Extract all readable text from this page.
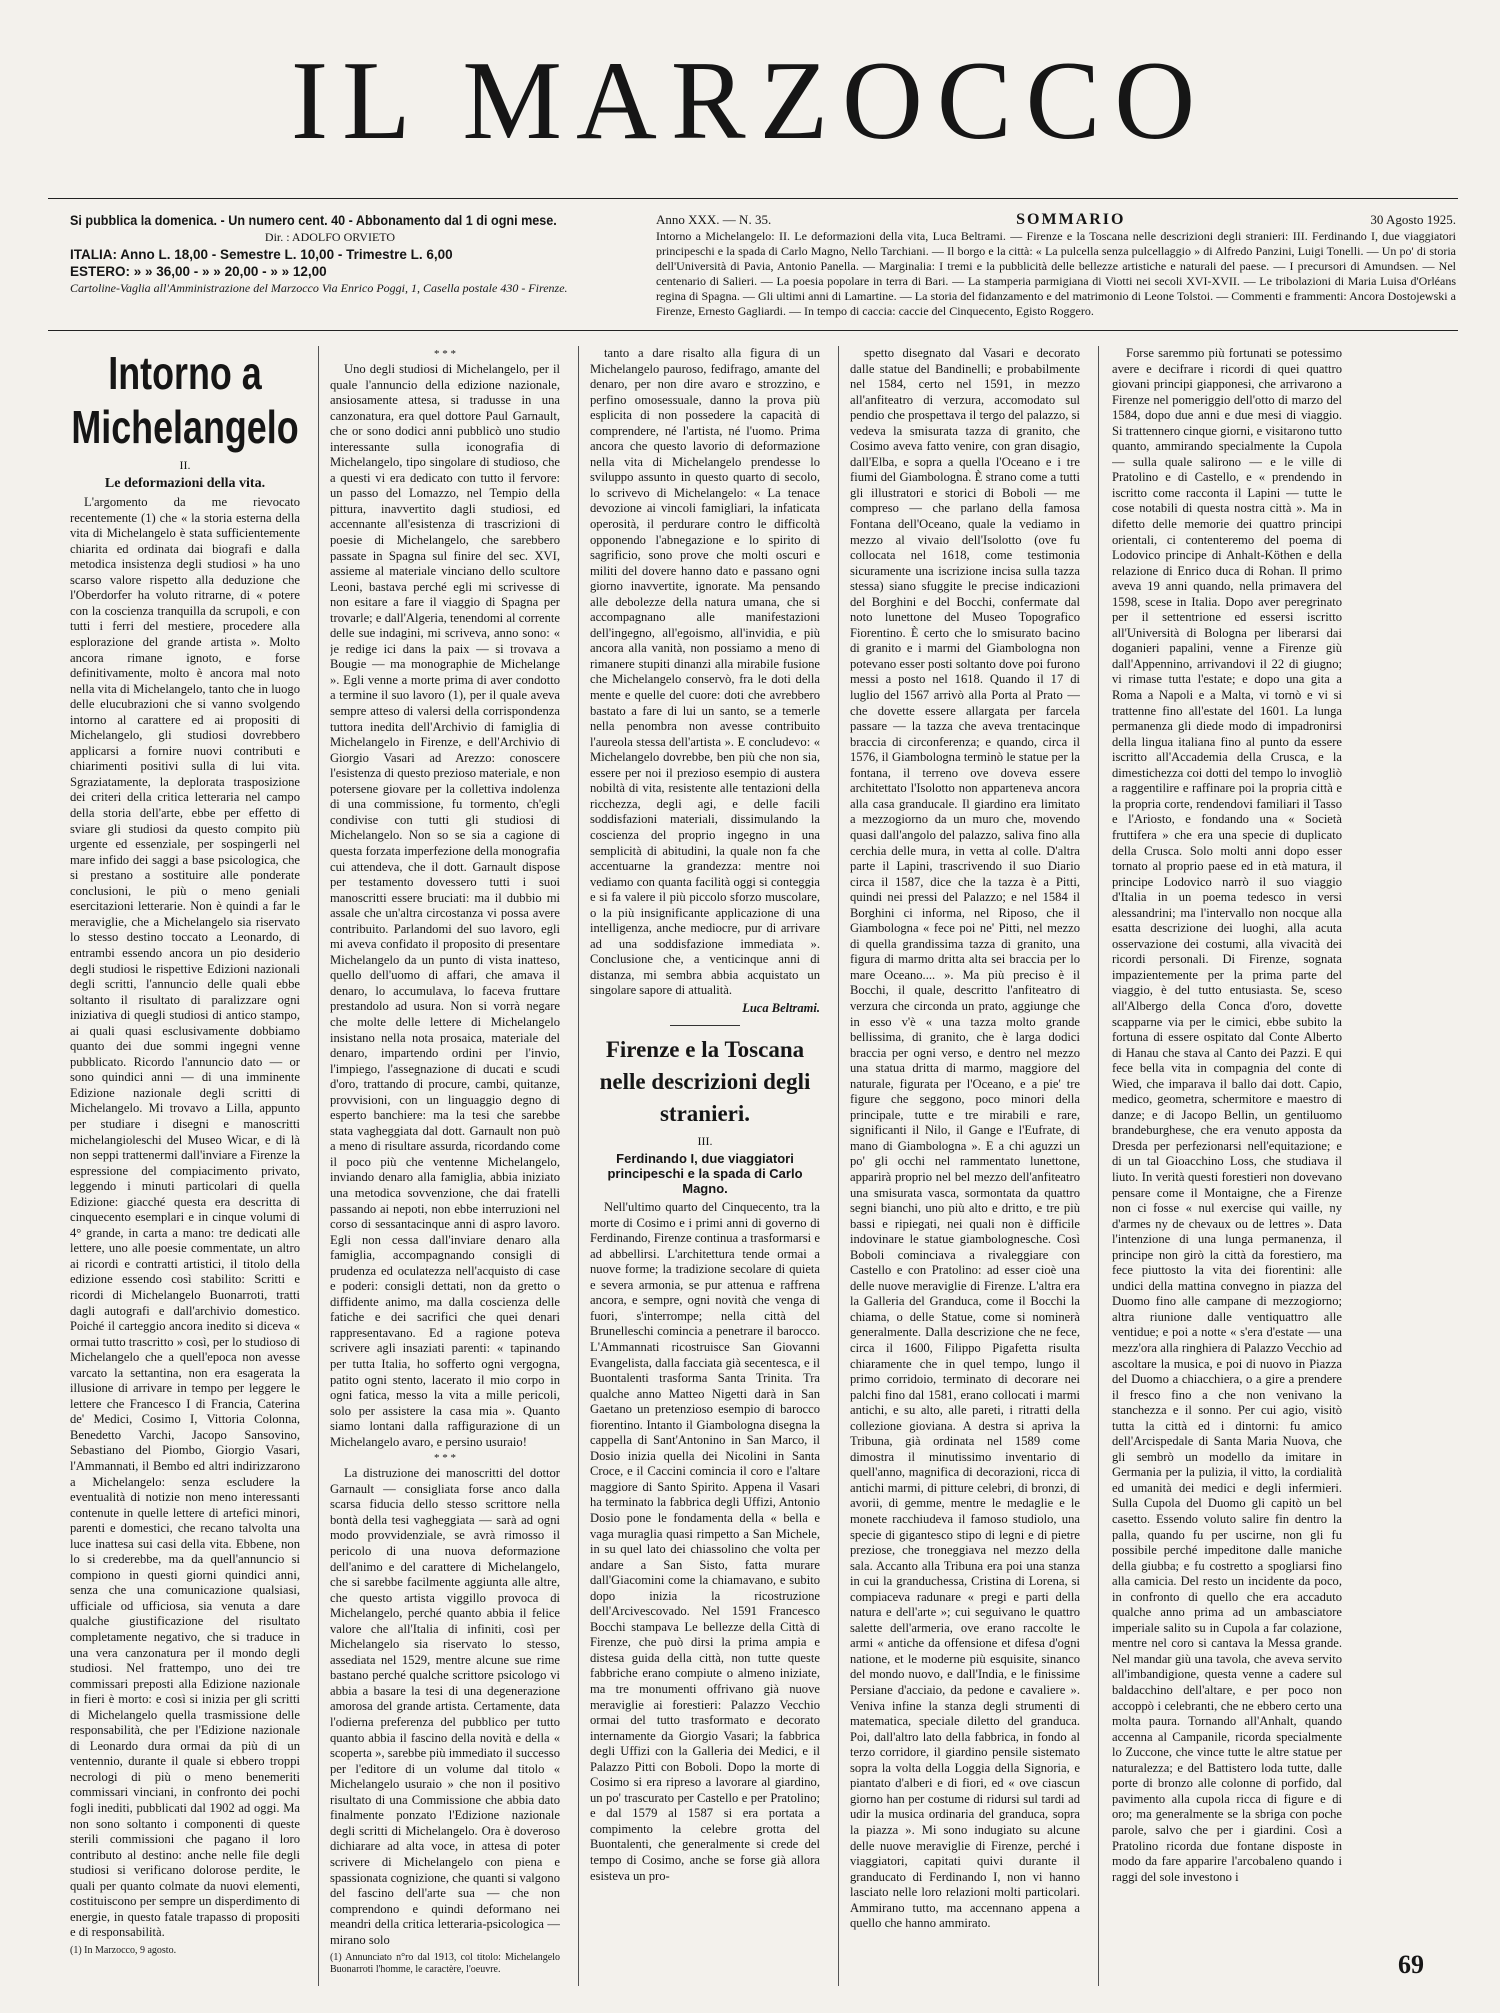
IL MARZOCCO
Si pubblica la domenica. - Un numero cent. 40 - Abbonamento dal 1 di ogni mese.
Dir. : ADOLFO ORVIETO
ITALIA: Anno L. 18,00 - Semestre L. 10,00 - Trimestre L. 6,00
ESTERO: » » 36,00 - » » 20,00 - » » 12,00
Cartoline-Vaglia all'Amministrazione del Marzocco Via Enrico Poggi, 1, Casella postale 430 - Firenze.
Anno XXX. — N. 35.	SOMMARIO	30 Agosto 1925.
Intorno a Michelangelo: II. Le deformazioni della vita, Luca Beltrami. — Firenze e la Toscana nelle descrizioni degli stranieri: III. Ferdinando I, due viaggiatori principeschi e la spada di Carlo Magno, Nello Tarchiani. — Il borgo e la città: « La pulcella senza pulcellaggio » di Alfredo Panzini, Luigi Tonelli. — Un po' di storia dell'Università di Pavia, Antonio Panella. — Marginalia: I tremi e la pubblicità delle bellezze artistiche e naturali del paese. — I precursori di Amundsen. — Nel centenario di Salieri. — La poesia popolare in terra di Bari. — La stamperia parmigiana di Viotti nei secoli XVI-XVII. — Le tribolazioni di Maria Luisa d'Orléans regina di Spagna. — Gli ultimi anni di Lamartine. — La storia del fidanzamento e del matrimonio di Leone Tolstoi. — Commenti e frammenti: Ancora Dostojewski a Firenze, Ernesto Gagliardi. — In tempo di caccia: caccie del Cinquecento, Egisto Roggero.
Intorno a Michelangelo
II.
Le deformazioni della vita.

L'argomento da me rievocato recentemente (1) che « la storia esterna della vita di Michelangelo è stata sufficientemente chiarita ed ordinata dai biografi e dalla metodica insistenza degli studiosi » ha uno scarso valore rispetto alla deduzione che l'Oberdorfer ha voluto ritrarne, di « potere con la coscienza tranquilla da scrupoli, e con tutti i ferri del mestiere, procedere alla esplorazione del grande artista ». Molto ancora rimane ignoto, e forse definitivamente, molto è ancora mal noto nella vita di Michelangelo, tanto che in luogo delle elucubrazioni che si vanno svolgendo intorno al carattere ed ai propositi di Michelangelo, gli studiosi dovrebbero applicarsi a fornire nuovi contributi e chiarimenti positivi sulla di lui vita. Sgraziatamente, la deplorata trasposizione dei criteri della critica letteraria nel campo della storia dell'arte, ebbe per effetto di sviare gli studiosi da questo compito più urgente ed essenziale, per sospingerli nel mare infido dei saggi a base psicologica, che si prestano a sostituire alle ponderate conclusioni, le più o meno geniali esercitazioni letterarie. Non è quindi a far le meraviglie, che a Michelangelo sia riservato lo stesso destino toccato a Leonardo, di entrambi essendo ancora un pio desiderio degli studiosi le rispettive Edizioni nazionali degli scritti, l'annuncio delle quali ebbe soltanto il risultato di paralizzare ogni iniziativa di quegli studiosi di antico stampo, ai quali quasi esclusivamente dobbiamo quanto dei due sommi ingegni venne pubblicato. Ricordo l'annuncio dato — or sono quindici anni — di una imminente Edizione nazionale degli scritti di Michelangelo. Mi trovavo a Lilla, appunto per studiare i disegni e manoscritti michelangioleschi del Museo Wicar, e di là non seppi trattenermi dall'inviare a Firenze la espressione del compiacimento privato, leggendo i minuti particolari di quella Edizione: giacché questa era descritta di cinquecento esemplari e in cinque volumi di 4° grande, in carta a mano: tre dedicati alle lettere, uno alle poesie commentate, un altro ai ricordi e contratti artistici, il titolo della edizione essendo così stabilito: Scritti e ricordi di Michelangelo Buonarroti, tratti dagli autografi e dall'archivio domestico. Poiché il carteggio ancora inedito si diceva « ormai tutto trascritto » così, per lo studioso di Michelangelo che a quell'epoca non avesse varcato la settantina, non era esagerata la illusione di arrivare in tempo per leggere le lettere che Francesco I di Francia, Caterina de' Medici, Cosimo I, Vittoria Colonna, Benedetto Varchi, Jacopo Sansovino, Sebastiano del Piombo, Giorgio Vasari, l'Ammannati, il Bembo ed altri indirizzarono a Michelangelo: senza escludere la eventualità di notizie non meno interessanti contenute in quelle lettere di artefici minori, parenti e domestici, che recano talvolta una luce inattesa sui casi della vita. Ebbene, non lo si crederebbe, ma da quell'annuncio si compiono in questi giorni quindici anni, senza che una comunicazione qualsiasi, ufficiale od ufficiosa, sia venuta a dare qualche giustificazione del risultato completamente negativo, che si traduce in una vera canzonatura per il mondo degli studiosi. Nel frattempo, uno dei tre commissari preposti alla Edizione nazionale in fieri è morto: e così si inizia per gli scritti di Michelangelo quella trasmissione delle responsabilità, che per l'Edizione nazionale di Leonardo dura ormai da più di un ventennio, durante il quale si ebbero troppi necrologi di più o meno benemeriti commissari vinciani, in confronto dei pochi fogli inediti, pubblicati dal 1902 ad oggi. Ma non sono soltanto i componenti di queste sterili commissioni che pagano il loro contributo al destino: anche nelle file degli studiosi si verificano dolorose perdite, le quali per quanto colmate da nuovi elementi, costituiscono per sempre un disperdimento di energie, in questo fatale trapasso di propositi e di responsabilità.

(1) In Marzocco, 9 agosto.
* * *

Uno degli studiosi di Michelangelo, per il quale l'annuncio della edizione nazionale, ansiosamente attesa, si tradusse in una canzonatura, era quel dottore Paul Garnault, che or sono dodici anni pubblicò uno studio interessante sulla iconografia di Michelangelo, tipo singolare di studioso, che a questi vi era dedicato con tutto il fervore: un passo del Lomazzo, nel Tempio della pittura, inavvertito dagli studiosi, ed accennante all'esistenza di trascrizioni di poesie di Michelangelo, che sarebbero passate in Spagna sul finire del sec. XVI, assieme al materiale vinciano dello scultore Leoni, bastava perché egli mi scrivesse di non esitare a fare il viaggio di Spagna per trovarle; e dall'Algeria, tenendomi al corrente delle sue indagini, mi scriveva, anno sono: « je redige ici dans la paix — si trovava a Bougie — ma monographie de Michelange ». Egli venne a morte prima di aver condotto a termine il suo lavoro (1), per il quale aveva sempre atteso di valersi della corrispondenza tuttora inedita dell'Archivio di famiglia di Michelangelo in Firenze, e dell'Archivio di Giorgio Vasari ad Arezzo: conoscere l'esistenza di questo prezioso materiale, e non potersene giovare per la collettiva indolenza di una commissione, fu tormento, ch'egli condivise con tutti gli studiosi di Michelangelo. Non so se sia a cagione di questa forzata imperfezione della monografia cui attendeva, che il dott. Garnault dispose per testamento dovessero tutti i suoi manoscritti essere bruciati: ma il dubbio mi assale che un'altra circostanza vi possa avere contribuito. Parlandomi del suo lavoro, egli mi aveva confidato il proposito di presentare Michelangelo da un punto di vista inatteso, quello dell'uomo di affari, che amava il denaro, lo accumulava, lo faceva fruttare prestandolo ad usura. Non si vorrà negare che molte delle lettere di Michelangelo insistano nella nota prosaica, materiale del denaro, impartendo ordini per l'invio, l'impiego, l'assegnazione di ducati e scudi d'oro, trattando di procure, cambi, quitanze, provvisioni, con un linguaggio degno di esperto banchiere: ma la tesi che sarebbe stata vagheggiata dal dott. Garnault non può a meno di risultare assurda, ricordando come il poco più che ventenne Michelangelo, inviando denaro alla famiglia, abbia iniziato una metodica sovvenzione, che dai fratelli passando ai nepoti, non ebbe interruzioni nel corso di sessantacinque anni di aspro lavoro. Egli non cessa dall'inviare denaro alla famiglia, accompagnando consigli di prudenza ed oculatezza nell'acquisto di case e poderi: consigli dettati, non da gretto o diffidente animo, ma dalla coscienza delle fatiche e dei sacrifici che quei denari rappresentavano. Ed a ragione poteva scrivere agli insaziati parenti: « tapinando per tutta Italia, ho sofferto ogni vergogna, patito ogni stento, lacerato il mio corpo in ogni fatica, messo la vita a mille pericoli, solo per assistere la casa mia ». Quanto siamo lontani dalla raffigurazione di un Michelangelo avaro, e persino usuraio!

* * *

La distruzione dei manoscritti del dottor Garnault — consigliata forse anco dalla scarsa fiducia dello stesso scrittore nella bontà della tesi vagheggiata — sarà ad ogni modo provvidenziale, se avrà rimosso il pericolo di una nuova deformazione dell'animo e del carattere di Michelangelo, che si sarebbe facilmente aggiunta alle altre, che questo artista viggillo provoca di Michelangelo, perché quanto abbia il felice valore che all'Italia di infiniti, così per Michelangelo sia riservato lo stesso, assediata nel 1529, mentre alcune sue rime bastano perché qualche scrittore psicologo vi abbia a basare la tesi di una degenerazione amorosa del grande artista. Certamente, data l'odierna preferenza del pubblico per tutto quanto abbia il fascino della novità e della « scoperta », sarebbe più immediato il successo per l'editore di un volume dal titolo « Michelangelo usuraio » che non il positivo risultato di una Commissione che abbia dato finalmente ponzato l'Edizione nazionale degli scritti di Michelangelo. Ora è doveroso dichiarare ad alta voce, in attesa di poter scrivere di Michelangelo con piena e spassionata cognizione, che quanti si valgono del fascino dell'arte sua — che non comprendono e quindi deformano nei meandri della critica letteraria-psicologica — mirano solo

(1) Annunciato n°ro dal 1913, col titolo: Michelangelo Buonarroti l'homme, le caractère, l'oeuvre.

tanto a dare risalto alla figura di un Michelangelo pauroso, fedifrago, amante del denaro, per non dire avaro e strozzino, e perfino omosessuale, danno la prova più esplicita di non possedere la capacità di comprendere, né l'artista, né l'uomo. Prima ancora che questo lavorio di deformazione nella vita di Michelangelo prendesse lo sviluppo assunto in questo quarto di secolo, lo scrivevo di Michelangelo: « La tenace devozione ai vincoli famigliari, la infaticata operosità, il perdurare contro le difficoltà opponendo l'abnegazione e lo spirito di sagrificio, sono prove che molti oscuri e militi del dovere hanno dato e passano ogni giorno inavvertite, ignorate. Ma pensando alle debolezze della natura umana, che si accompagnano alle manifestazioni dell'ingegno, all'egoismo, all'invidia, e più ancora alla vanità, non possiamo a meno di rimanere stupiti dinanzi alla mirabile fusione che Michelangelo conservò, fra le doti della mente e quelle del cuore: doti che avrebbero bastato a fare di lui un santo, se a temerle nella penombra non avesse contribuito l'aureola stessa dell'artista ». E concludevo: « Michelangelo dovrebbe, ben più che non sia, essere per noi il prezioso esempio di austera nobiltà di vita, resistente alle tentazioni della ricchezza, degli agi, e delle facili soddisfazioni materiali, dissimulando la coscienza del proprio ingegno in una semplicità di abitudini, la quale non fa che accentuarne la grandezza: mentre noi vediamo con quanta facilità oggi si conteggia e si fa valere il più piccolo sforzo muscolare, o la più insignificante applicazione di una intelligenza, anche mediocre, pur di arrivare ad una soddisfazione immediata ». Conclusione che, a venticinque anni di distanza, mi sembra abbia acquistato un singolare sapore di attualità.

Luca Beltrami.
Firenze e la Toscana nelle descrizioni degli stranieri.
III.
Ferdinando I, due viaggiatori principeschi e la spada di Carlo Magno.

Nell'ultimo quarto del Cinquecento, tra la morte di Cosimo e i primi anni di governo di Ferdinando, Firenze continua a trasformarsi e ad abbellirsi. L'architettura tende ormai a nuove forme; la tradizione secolare di quieta e severa armonia, se pur attenua e raffrena ancora, e sempre, ogni novità che venga di fuori, s'interrompe; nella città del Brunelleschi comincia a penetrare il barocco. L'Ammannati ricostruisce San Giovanni Evangelista, dalla facciata già secentesca, e il Buontalenti trasforma Santa Trinita. Tra qualche anno Matteo Nigetti darà in San Gaetano un pretenzioso esempio di barocco fiorentino. Intanto il Giambologna disegna la cappella di Sant'Antonino in San Marco, il Dosio inizia quella dei Nicolini in Santa Croce, e il Caccini comincia il coro e l'altare maggiore di Santo Spirito. Appena il Vasari ha terminato la fabbrica degli Uffizi, Antonio Dosio pone le fondamenta della « bella e vaga muraglia quasi rimpetto a San Michele, in su quel lato dei chiassolino che volta per andare a San Sisto, fatta murare dall'Giacomini come la chiamavano, e subito dopo inizia la ricostruzione dell'Arcivescovado. Nel 1591 Francesco Bocchi stampava Le bellezze della Città di Firenze, che può dirsi la prima ampia e distesa guida della città, non tutte queste fabbriche erano compiute o almeno iniziate, ma tre monumenti offrivano già nuove meraviglie ai forestieri: Palazzo Vecchio ormai del tutto trasformato e decorato internamente da Giorgio Vasari; la fabbrica degli Uffizi con la Galleria dei Medici, e il Palazzo Pitti con Boboli. Dopo la morte di Cosimo si era ripreso a lavorare al giardino, un po' trascurato per Castello e per Pratolino; e dal 1579 al 1587 si era portata a compimento la celebre grotta del Buontalenti, che generalmente si crede del tempo di Cosimo, anche se forse già allora esisteva un pro-

spetto disegnato dal Vasari e decorato dalle statue del Bandinelli; e probabilmente nel 1584, certo nel 1591, in mezzo all'anfiteatro di verzura, accomodato sul pendio che prospettava il tergo del palazzo, si vedeva la smisurata tazza di granito, che Cosimo aveva fatto venire, con gran disagio, dall'Elba, e sopra a quella l'Oceano e i tre fiumi del Giambologna. È strano come a tutti gli illustratori e storici di Boboli — me compreso — che parlano della famosa Fontana dell'Oceano, quale la vediamo in mezzo al vivaio dell'Isolotto (ove fu collocata nel 1618, come testimonia sicuramente una iscrizione incisa sulla tazza stessa) siano sfuggite le precise indicazioni del Borghini e del Bocchi, confermate dal noto lunettone del Museo Topografico Fiorentino. È certo che lo smisurato bacino di granito e i marmi del Giambologna non potevano esser posti soltanto dove poi furono messi a posto nel 1618. Quando il 17 di luglio del 1567 arrivò alla Porta al Prato — che dovette essere allargata per farcela passare — la tazza che aveva trentacinque braccia di circonferenza; e quando, circa il 1576, il Giambologna terminò le statue per la fontana, il terreno ove doveva essere architettato l'Isolotto non apparteneva ancora alla casa granducale. Il giardino era limitato a mezzogiorno da un muro che, movendo quasi dall'angolo del palazzo, saliva fino alla cerchia delle mura, in vetta al colle. D'altra parte il Lapini, trascrivendo il suo Diario circa il 1587, dice che la tazza è a Pitti, quindi nei pressi del Palazzo; e nel 1584 il Borghini ci informa, nel Riposo, che il Giambologna « fece poi ne' Pitti, nel mezzo di quella grandissima tazza di granito, una figura di marmo dritta alta sei braccia per lo mare Oceano.... ». Ma più preciso è il Bocchi, il quale, descritto l'anfiteatro di verzura che circonda un prato, aggiunge che in esso v'è « una tazza molto grande bellissima, di granito, che è larga dodici braccia per ogni verso, e dentro nel mezzo una statua dritta di marmo, maggiore del naturale, figurata per l'Oceano, e a pie' tre figure che seggono, poco minori della principale, tutte e tre mirabili e rare, significanti il Nilo, il Gange e l'Eufrate, di mano di Giambologna ». E a chi aguzzi un po' gli occhi nel rammentato lunettone, apparirà proprio nel bel mezzo dell'anfiteatro una smisurata vasca, sormontata da quattro segni bianchi, uno più alto e dritto, e tre più bassi e ripiegati, nei quali non è difficile indovinare le statue giambolognesche. Così Boboli cominciava a rivaleggiare con Castello e con Pratolino: ad esser cioè una delle nuove meraviglie di Firenze. L'altra era la Galleria del Granduca, come il Bocchi la chiama, o delle Statue, come si nominerà generalmente. Dalla descrizione che ne fece, circa il 1600, Filippo Pigafetta risulta chiaramente che in quel tempo, lungo il primo corridoio, terminato di decorare nei palchi fino dal 1581, erano collocati i marmi antichi, e su alto, alle pareti, i ritratti della collezione gioviana. A destra si apriva la Tribuna, già ordinata nel 1589 come dimostra il minutissimo inventario di quell'anno, magnifica di decorazioni, ricca di antichi marmi, di pitture celebri, di bronzi, di avorii, di gemme, mentre le medaglie e le monete racchiudeva il famoso studiolo, una specie di gigantesco stipo di legni e di pietre preziose, che troneggiava nel mezzo della sala. Accanto alla Tribuna era poi una stanza in cui la granduchessa, Cristina di Lorena, si compiaceva radunare « pregi e parti della natura e dell'arte »; cui seguivano le quattro salette dell'armeria, ove erano raccolte le armi « antiche da offensione et difesa d'ogni natione, et le moderne più esquisite, sinanco del mondo nuovo, e dall'India, e le finissime Persiane d'acciaio, da pedone e cavaliere ». Veniva infine la stanza degli strumenti di matematica, speciale diletto del granduca. Poi, dall'altro lato della fabbrica, in fondo al terzo corridore, il giardino pensile sistemato sopra la volta della Loggia della Signoria, e piantato d'alberi e di fiori, ed « ove ciascun giorno han per costume di ridursi sul tardi ad udir la musica ordinaria del granduca, sopra la piazza ». Mi sono indugiato su alcune delle nuove meraviglie di Firenze, perché i viaggiatori, capitati quivi durante il granducato di Ferdinando I, non vi hanno lasciato nelle loro relazioni molti particolari. Ammirano tutto, ma accennano appena a quello che hanno ammirato.

Forse saremmo più fortunati se potessimo avere e decifrare i ricordi di quei quattro giovani principi giapponesi, che arrivarono a Firenze nel pomeriggio dell'otto di marzo del 1584, dopo due anni e due mesi di viaggio. Si trattennero cinque giorni, e visitarono tutto quanto, ammirando specialmente la Cupola — sulla quale salirono — e le ville di Pratolino e di Castello, e « prendendo in iscritto come racconta il Lapini — tutte le cose notabili di questa nostra città ». Ma in difetto delle memorie dei quattro principi orientali, ci contenteremo del poema di Lodovico principe di Anhalt-Köthen e della relazione di Enrico duca di Rohan. Il primo aveva 19 anni quando, nella primavera del 1598, scese in Italia. Dopo aver peregrinato per il settentrione ed essersi iscritto all'Università di Bologna per liberarsi dai doganieri papalini, venne a Firenze giù dall'Appennino, arrivandovi il 22 di giugno; vi rimase tutta l'estate; e dopo una gita a Roma a Napoli e a Malta, vi tornò e vi si trattenne fino all'estate del 1601. La lunga permanenza gli diede modo di impadronirsi della lingua italiana fino al punto da essere iscritto all'Accademia della Crusca, e la dimestichezza coi dotti del tempo lo invogliò a raggentilire e raffinare poi la propria città e la propria corte, rendendovi familiari il Tasso e l'Ariosto, e fondando una « Società fruttifera » che era una specie di duplicato della Crusca. Solo molti anni dopo esser tornato al proprio paese ed in età matura, il principe Lodovico narrò il suo viaggio d'Italia in un poema tedesco in versi alessandrini; ma l'intervallo non nocque alla esatta descrizione dei luoghi, alla acuta osservazione dei costumi, alla vivacità dei ricordi personali. Di Firenze, sognata impazientemente per la prima parte del viaggio, è del tutto entusiasta. Se, sceso all'Albergo della Conca d'oro, dovette scapparne via per le cimici, ebbe subito la fortuna di essere ospitato dal Conte Alberto di Hanau che stava al Canto dei Pazzi. E qui fece bella vita in compagnia del conte di Wied, che imparava il ballo dai dott. Capio, medico, geometra, schermitore e maestro di danze; e di Jacopo Bellin, un gentiluomo brandeburghese, che era venuto apposta da Dresda per perfezionarsi nell'equitazione; e di un tal Gioacchino Loss, che studiava il liuto. In verità questi forestieri non dovevano pensare come il Montaigne, che a Firenze non ci fosse « nul exercise qui vaille, ny d'armes ny de chevaux ou de lettres ». Data l'intenzione di una lunga permanenza, il principe non girò la città da forestiero, ma fece piuttosto la vita dei fiorentini: alle undici della mattina convegno in piazza del Duomo fino alle campane di mezzogiorno; altra riunione dalle ventiquattro alle ventidue; e poi a notte « s'era d'estate — una mezz'ora alla ringhiera di Palazzo Vecchio ad ascoltare la musica, e poi di nuovo in Piazza del Duomo a chiacchiera, o a gire a prendere il fresco fino a che non venivano la stanchezza e il sonno. Per cui agio, visitò tutta la città ed i dintorni: fu amico dell'Arcispedale di Santa Maria Nuova, che gli sembrò un modello da imitare in Germania per la pulizia, il vitto, la cordialità ed umanità dei medici e degli infermieri. Sulla Cupola del Duomo gli capitò un bel casetto. Essendo voluto salire fin dentro la palla, quando fu per uscirne, non gli fu possibile perché impeditone dalle maniche della giubba; e fu costretto a spogliarsi fino alla camicia. Del resto un incidente da poco, in confronto di quello che era accaduto qualche anno prima ad un ambasciatore imperiale salito su in Cupola a far colazione, mentre nel coro si cantava la Messa grande. Nel mandar giù una tavola, che aveva servito all'imbandigione, questa venne a cadere sul baldacchino dell'altare, e per poco non accoppò i celebranti, che ne ebbero certo una molta paura. Tornando all'Anhalt, quando accenna al Campanile, ricorda specialmente lo Zuccone, che vince tutte le altre statue per naturalezza; e del Battistero loda tutte, dalle porte di bronzo alle colonne di porfido, dal pavimento alla cupola ricca di figure e di oro; ma generalmente se la sbriga con poche parole, salvo che per i giardini. Così a Pratolino ricorda due fontane disposte in modo da fare apparire l'arcobaleno quando i raggi del sole investono i

69
